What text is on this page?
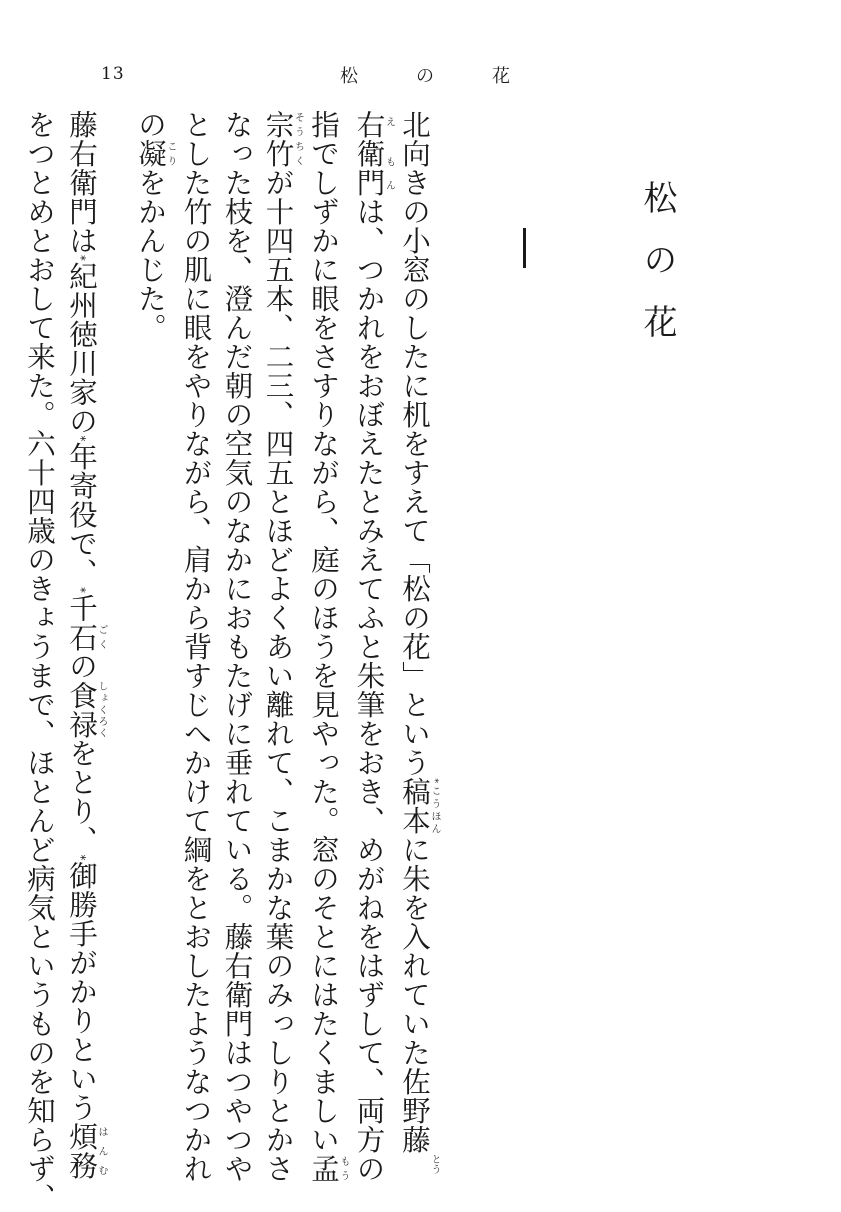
13	松	の	花
松の花
北向きの小窓のしたに机をすえて「松の花」という稿本*こうほんに朱を入れていた佐野藤とう
右衛門え もんは、つかれをおぼえたとみえてふと朱筆をおき、めがねをはずして、両方の
指でしずかに眼をさすりながら、庭のほうを見やった。窓のそとにはたくましい孟もう
宗竹そうちくが十四五本、二三、四五とほどよくあい離れて、こまかな葉のみっしりとかさ
なった枝を、澄んだ朝の空気のなかにおもたげに垂れている。藤右衛門はつやつや
とした竹の肌に眼をやりながら、肩から背すじへかけて綱をとおしたようなつかれ
の凝こりをかんじた。
藤右衛門は*紀州徳川家の*年寄役で、*千石ごくの食禄しょくろくをとり、*御勝手がかりという煩務はんむ
をつとめとおして来た。六十四歳のきょうまで、ほとんど病気というものを知らず、
